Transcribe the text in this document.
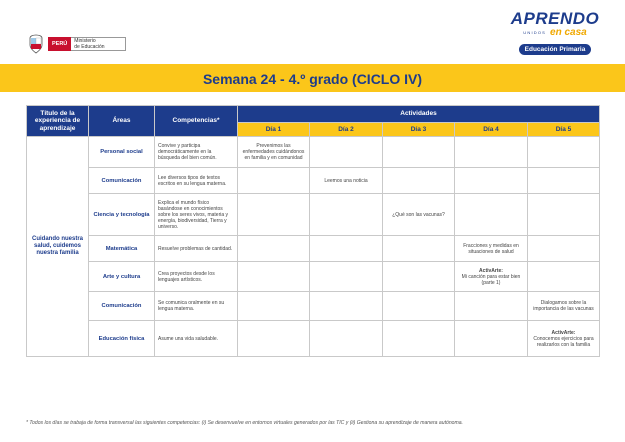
PERÚ	Ministerio
de Educación
APRENDO
UNIDOS en casa
Educación Primaria
Semana 24 - 4.º grado (CICLO IV)
Título de la experiencia de aprendizaje	Áreas	Competencias*	Actividades				
			Día 1	Día 2	Día 3	Día 4	Día 5
Cuidando nuestra salud, cuidemos nuestra familia	Personal social	Convive y participa democráticamente en la búsqueda del bien común.	Prevenimos las enfermedades cuidándonos en familia y en comunidad				
	Comunicación	Lee diversos tipos de textos escritos en su lengua materna.		Leemos una noticia			
	Ciencia y tecnología	Explica el mundo físico basándose en conocimientos sobre los seres vivos, materia y energía, biodiversidad, Tierra y universo.			¿Qué son las vacunas?		
	Matemática	Resuelve problemas de cantidad.				Fracciones y medidas en situaciones de salud	
	Arte y cultura	Crea proyectos desde los lenguajes artísticos.				ActivArte:
Mi canción para estar bien (parte 1)	
	Comunicación	Se comunica oralmente en su lengua materna.					Dialogamos sobre la importancia de las vacunas
	Educación física	Asume una vida saludable.					ActivArte:
Conocemos ejercicios para realizarlos con la familia
* Todos los días se trabaja de forma transversal las siguientes competencias: (i) Se desenvuelve en entornos virtuales generados por las TIC y (ii) Gestiona su aprendizaje de manera autónoma.
